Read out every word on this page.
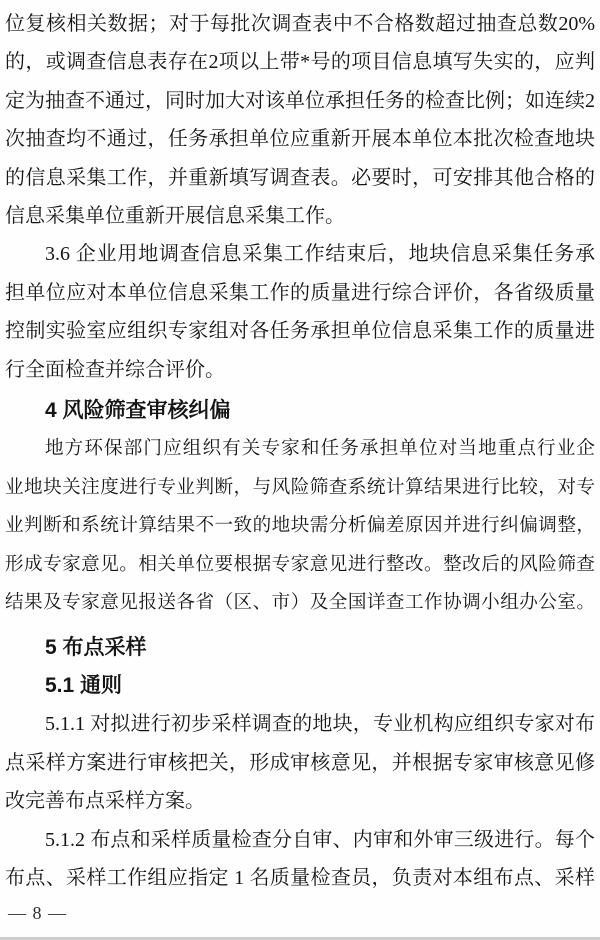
位复核相关数据；对于每批次调查表中不合格数超过抽查总数20%
的，或调查信息表存在2项以上带*号的项目信息填写失实的，应判
定为抽查不通过，同时加大对该单位承担任务的检查比例；如连续2
次抽查均不通过，任务承担单位应重新开展本单位本批次检查地块
的信息采集工作，并重新填写调查表。必要时，可安排其他合格的
信息采集单位重新开展信息采集工作。
3.6 企业用地调查信息采集工作结束后，地块信息采集任务承
担单位应对本单位信息采集工作的质量进行综合评价，各省级质量
控制实验室应组织专家组对各任务承担单位信息采集工作的质量进
行全面检查并综合评价。
4 风险筛查审核纠偏
地方环保部门应组织有关专家和任务承担单位对当地重点行业企
业地块关注度进行专业判断，与风险筛查系统计算结果进行比较，对专
业判断和系统计算结果不一致的地块需分析偏差原因并进行纠偏调整，
形成专家意见。相关单位要根据专家意见进行整改。整改后的风险筛查
结果及专家意见报送各省（区、市）及全国详查工作协调小组办公室。
5 布点采样
5.1 通则
5.1.1 对拟进行初步采样调查的地块，专业机构应组织专家对布
点采样方案进行审核把关，形成审核意见，并根据专家审核意见修
改完善布点采样方案。
5.1.2 布点和采样质量检查分自审、内审和外审三级进行。每个
布点、采样工作组应指定 1 名质量检查员，负责对本组布点、采样
— 8 —
